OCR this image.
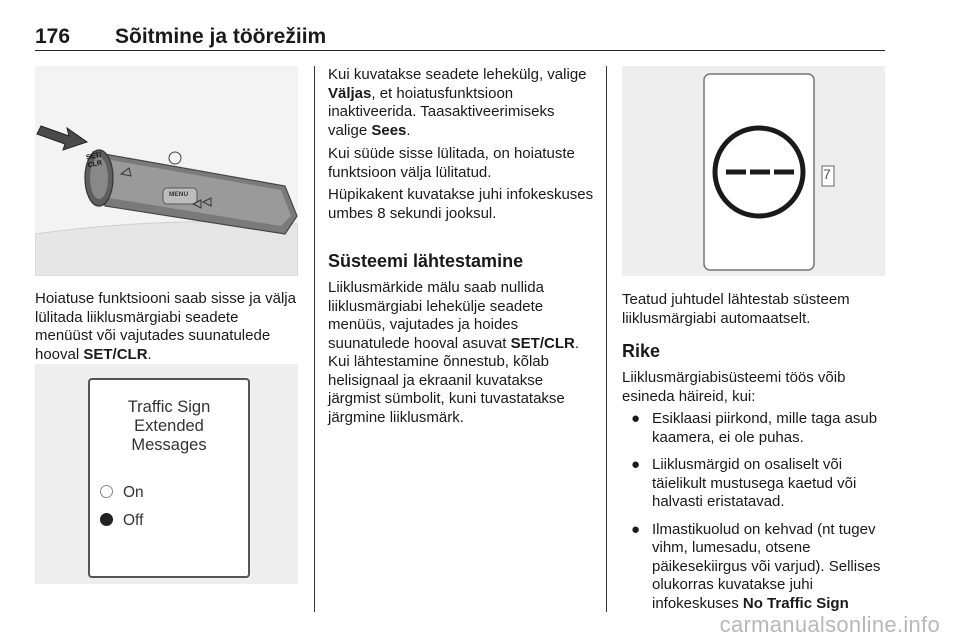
176 Sõitmine ja töörežiim
SET/
CLR
MENU

Hoiatuse funktsiooni saab sisse ja välja lülitada liiklusmärgiabi seadete menüüst või vajutades suunatulede hooval SET/CLR.

Traffic Sign
Extended
Messages
On
Off

Kui kuvatakse seadete lehekülg, valige Väljas, et hoiatusfunktsioon inaktiveerida. Taasaktiveerimiseks valige Sees.

Kui süüde sisse lülitada, on hoiatuste funktsioon välja lülitatud.

Hüpikakent kuvatakse juhi infokeskuses umbes 8 sekundi jooksul.

Süsteemi lähtestamine

Liiklusmärkide mälu saab nullida liiklusmärgiabi lehekülje seadete menüüs, vajutades ja hoides suunatulede hooval asuvat SET/CLR. Kui lähtestamine õnnestub, kõlab helisignaal ja ekraanil kuvatakse järgmist sümbolit, kuni tuvastatakse järgmine liiklusmärk.

7

Teatud juhtudel lähtestab süsteem liiklusmärgiabi automaatselt.

Rike

Liiklusmärgiabisüsteemi töös võib esineda häireid, kui:

● Esiklaasi piirkond, mille taga asub kaamera, ei ole puhas.
● Liiklusmärgid on osaliselt või täielikult mustusega kaetud või halvasti eristatavad.
● Ilmastikuolud on kehvad (nt tugev vihm, lumesadu, otsene päikesekiirgus või varjud). Sellises olukorras kuvatakse juhi infokeskuses No Traffic Sign
carmanualsonline.info
